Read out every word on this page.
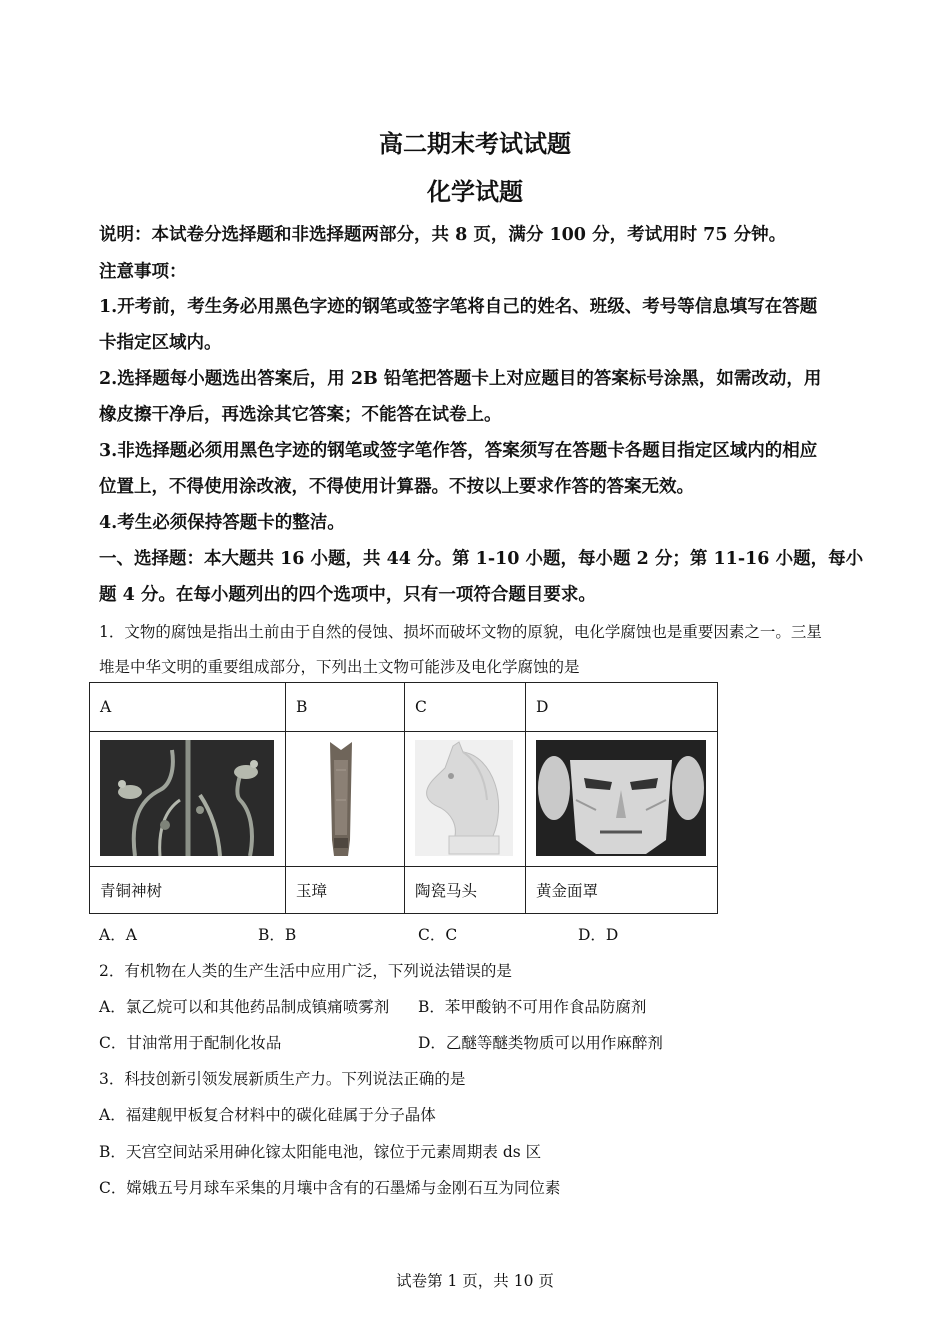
高二期末考试试题
化学试题
说明：本试卷分选择题和非选择题两部分，共 8 页，满分 100 分，考试用时 75 分钟。
注意事项：
1.开考前，考生务必用黑色字迹的钢笔或签字笔将自己的姓名、班级、考号等信息填写在答题
卡指定区域内。
2.选择题每小题选出答案后，用 2B 铅笔把答题卡上对应题目的答案标号涂黑，如需改动，用
橡皮擦干净后，再选涂其它答案；不能答在试卷上。
3.非选择题必须用黑色字迹的钢笔或签字笔作答，答案须写在答题卡各题目指定区域内的相应
位置上，不得使用涂改液，不得使用计算器。不按以上要求作答的答案无效。
4.考生必须保持答题卡的整洁。
一、选择题：本大题共 16 小题，共 44 分。第 1-10 小题，每小题 2 分；第 11-16 小题，每小
题 4 分。在每小题列出的四个选项中，只有一项符合题目要求。
1．文物的腐蚀是指出土前由于自然的侵蚀、损坏而破坏文物的原貌，电化学腐蚀也是重要因素之一。三星
堆是中华文明的重要组成部分，下列出土文物可能涉及电化学腐蚀的是
A	B	C	D

青铜神树	玉璋	陶瓷马头	黄金面罩
A．A	B．B	C．C	D．D
2．有机物在人类的生产生活中应用广泛，下列说法错误的是
A．氯乙烷可以和其他药品制成镇痛喷雾剂 B．苯甲酸钠不可用作食品防腐剂
C．甘油常用于配制化妆品	D．乙醚等醚类物质可以用作麻醉剂
3．科技创新引领发展新质生产力。下列说法正确的是
A．福建舰甲板复合材料中的碳化硅属于分子晶体
B．天宫空间站采用砷化镓太阳能电池，镓位于元素周期表 ds 区
C．嫦娥五号月球车采集的月壤中含有的石墨烯与金刚石互为同位素
试卷第 1 页，共 10 页
